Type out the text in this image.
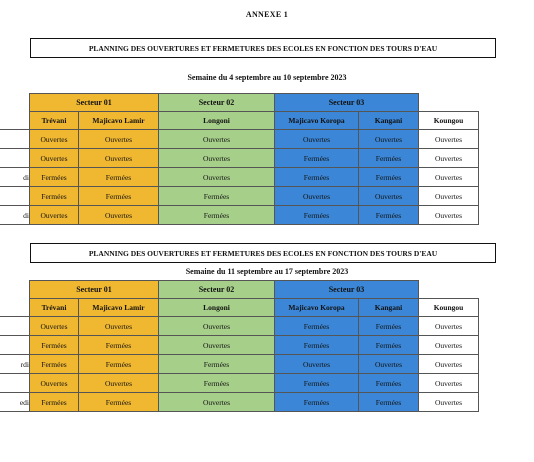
ANNEXE 1
PLANNING DES OUVERTURES ET FERMETURES DES ECOLES EN FONCTION DES TOURS D'EAU
Semaine du 4 septembre au 10 septembre 2023
	Secteur 01		Secteur 02	Secteur 03		
	Trévani	Majicavo Lamir	Longoni	Majicavo Koropa	Kangani	Koungou
	Ouvertes	Ouvertes	Ouvertes	Ouvertes	Ouvertes	Ouvertes
	Ouvertes	Ouvertes	Ouvertes	Fermées	Fermées	Ouvertes
di	Fermées	Fermées	Ouvertes	Fermées	Fermées	Ouvertes
	Fermées	Fermées	Fermées	Ouvertes	Ouvertes	Ouvertes
di	Ouvertes	Ouvertes	Fermées	Fermées	Fermées	Ouvertes
PLANNING DES OUVERTURES ET FERMETURES DES ECOLES EN FONCTION DES TOURS D'EAU
Semaine du 11 septembre au 17 septembre 2023
	Secteur 01		Secteur 02	Secteur 03		
	Trévani	Majicavo Lamir	Longoni	Majicavo Koropa	Kangani	Koungou
	Ouvertes	Ouvertes	Ouvertes	Fermées	Fermées	Ouvertes
	Fermées	Fermées	Ouvertes	Fermées	Fermées	Ouvertes
rdi	Fermées	Fermées	Fermées	Ouvertes	Ouvertes	Ouvertes
	Ouvertes	Ouvertes	Fermées	Fermées	Fermées	Ouvertes
edi	Fermées	Fermées	Ouvertes	Fermées	Fermées	Ouvertes
